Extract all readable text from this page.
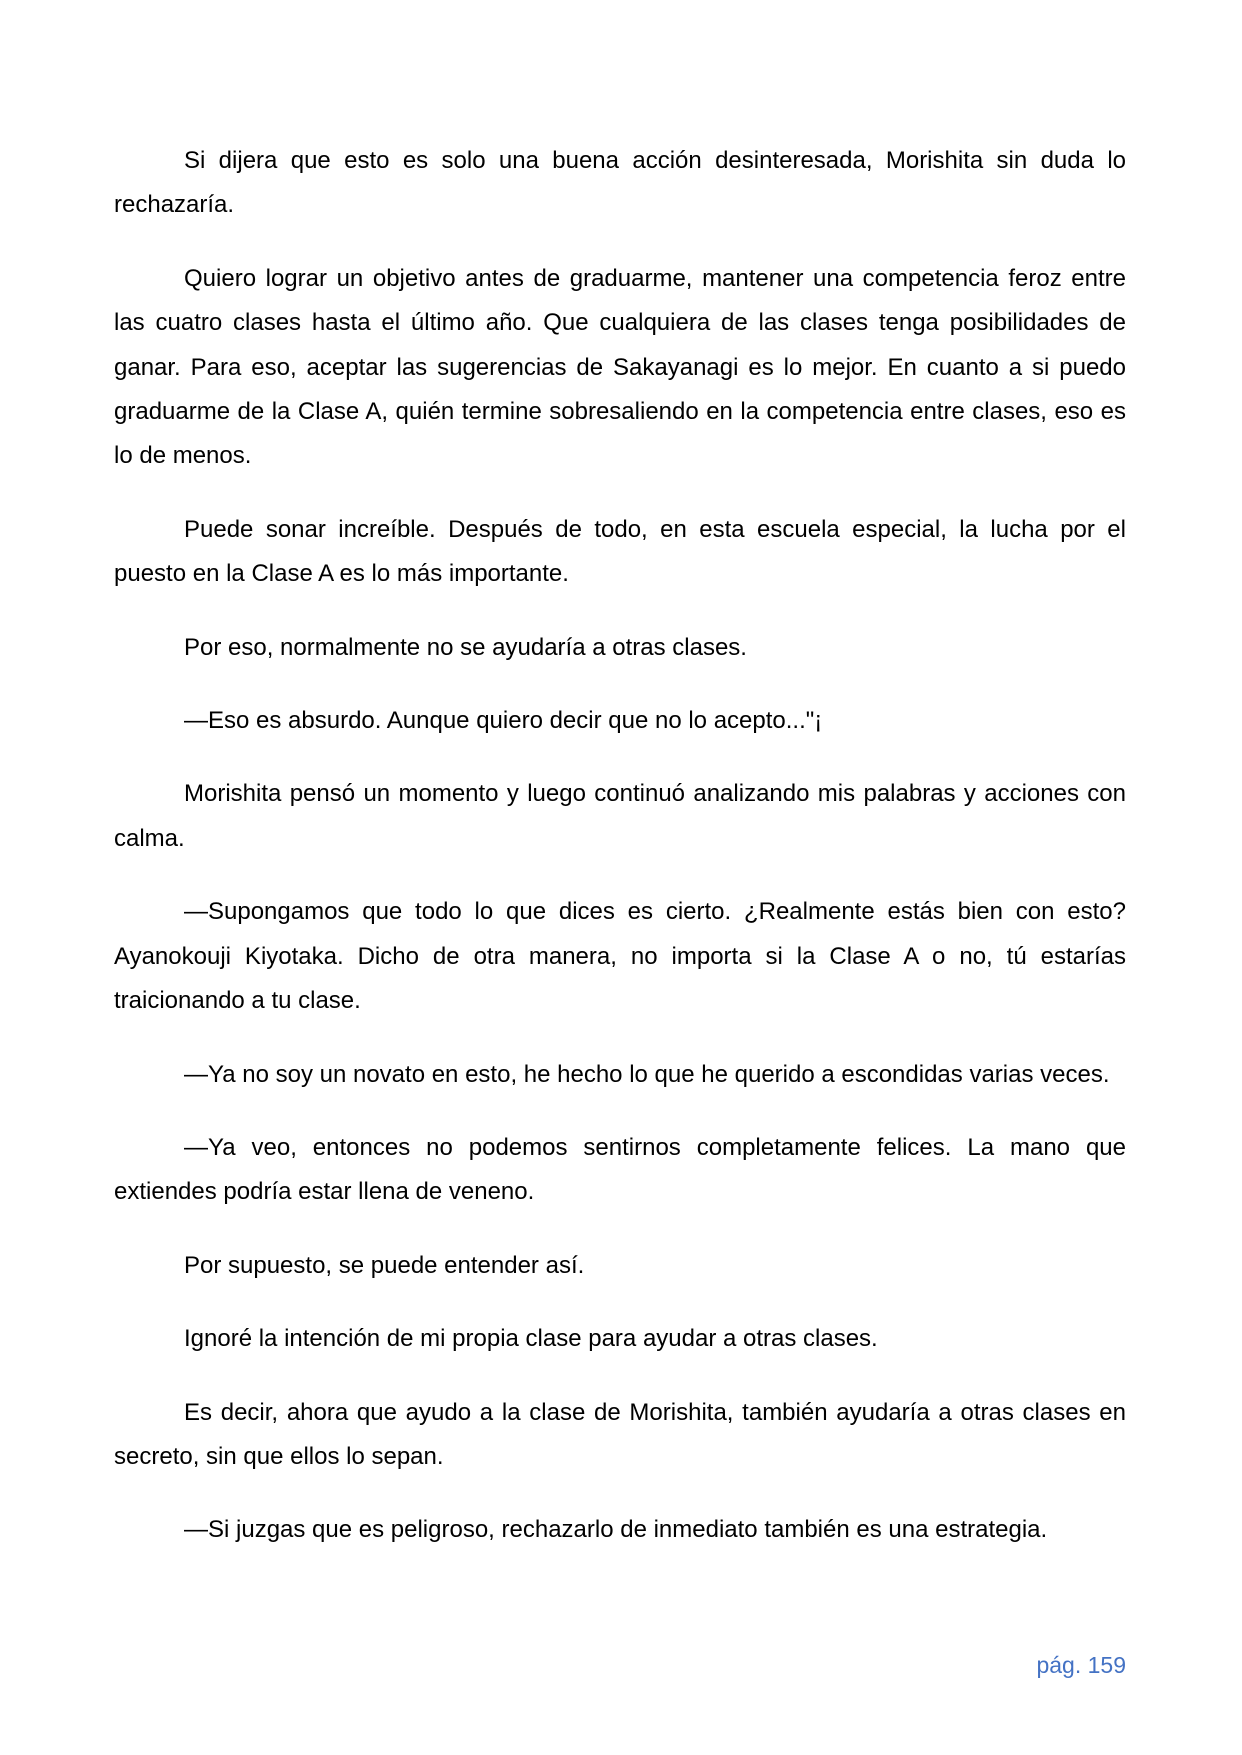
Si dijera que esto es solo una buena acción desinteresada, Morishita sin duda lo rechazaría.

Quiero lograr un objetivo antes de graduarme, mantener una competencia feroz entre las cuatro clases hasta el último año. Que cualquiera de las clases tenga posibilidades de ganar. Para eso, aceptar las sugerencias de Sakayanagi es lo mejor. En cuanto a si puedo graduarme de la Clase A, quién termine sobresaliendo en la competencia entre clases, eso es lo de menos.

Puede sonar increíble. Después de todo, en esta escuela especial, la lucha por el puesto en la Clase A es lo más importante.

Por eso, normalmente no se ayudaría a otras clases.

—Eso es absurdo. Aunque quiero decir que no lo acepto..."¡

Morishita pensó un momento y luego continuó analizando mis palabras y acciones con calma.

—Supongamos que todo lo que dices es cierto. ¿Realmente estás bien con esto? Ayanokouji Kiyotaka. Dicho de otra manera, no importa si la Clase A o no, tú estarías traicionando a tu clase.

—Ya no soy un novato en esto, he hecho lo que he querido a escondidas varias veces.

—Ya veo, entonces no podemos sentirnos completamente felices. La mano que extiendes podría estar llena de veneno.

Por supuesto, se puede entender así.

Ignoré la intención de mi propia clase para ayudar a otras clases.

Es decir, ahora que ayudo a la clase de Morishita, también ayudaría a otras clases en secreto, sin que ellos lo sepan.

—Si juzgas que es peligroso, rechazarlo de inmediato también es una estrategia.

pág. 159
